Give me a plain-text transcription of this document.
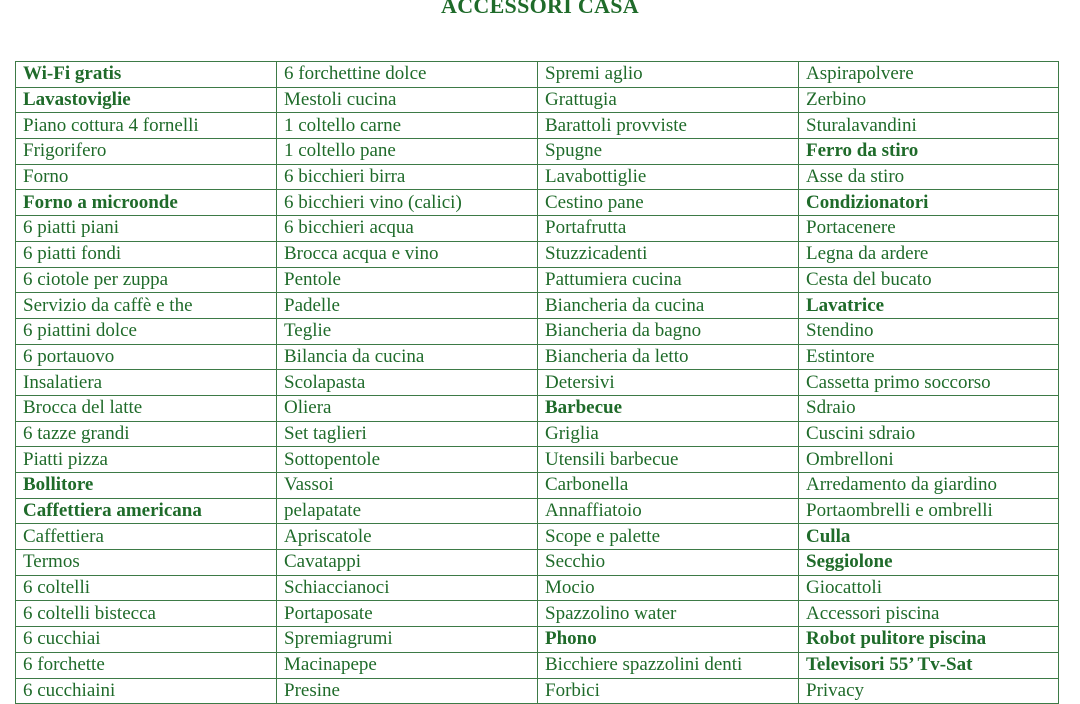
ACCESSORI CASA
Wi-Fi gratis	6 forchettine dolce	Spremi aglio	Aspirapolvere
Lavastoviglie	Mestoli cucina	Grattugia	Zerbino
Piano cottura 4 fornelli	1 coltello carne	Barattoli provviste	Sturalavandini
Frigorifero	1 coltello pane	Spugne	Ferro da stiro
Forno	6 bicchieri birra	Lavabottiglie	Asse da stiro
Forno a microonde	6 bicchieri vino (calici)	Cestino pane	Condizionatori
6 piatti piani	6 bicchieri acqua	Portafrutta	Portacenere
6 piatti fondi	Brocca acqua e vino	Stuzzicadenti	Legna da ardere
6 ciotole per zuppa	Pentole	Pattumiera cucina	Cesta del bucato
Servizio da caffè e the	Padelle	Biancheria da cucina	Lavatrice
6 piattini dolce	Teglie	Biancheria da bagno	Stendino
6 portauovo	Bilancia da cucina	Biancheria da letto	Estintore
Insalatiera	Scolapasta	Detersivi	Cassetta primo soccorso
Brocca del latte	Oliera	Barbecue	Sdraio
6 tazze grandi	Set taglieri	Griglia	Cuscini sdraio
Piatti pizza	Sottopentole	Utensili barbecue	Ombrelloni
Bollitore	Vassoi	Carbonella	Arredamento da giardino
Caffettiera americana	pelapatate	Annaffiatoio	Portaombrelli e ombrelli
Caffettiera	Apriscatole	Scope e palette	Culla
Termos	Cavatappi	Secchio	Seggiolone
6 coltelli	Schiaccianoci	Mocio	Giocattoli
6 coltelli bistecca	Portaposate	Spazzolino water	Accessori piscina
6 cucchiai	Spremiagrumi	Phono	Robot pulitore piscina
6 forchette	Macinapepe	Bicchiere spazzolini denti	Televisori 55’ Tv-Sat
6 cucchiaini	Presine	Forbici	Privacy
